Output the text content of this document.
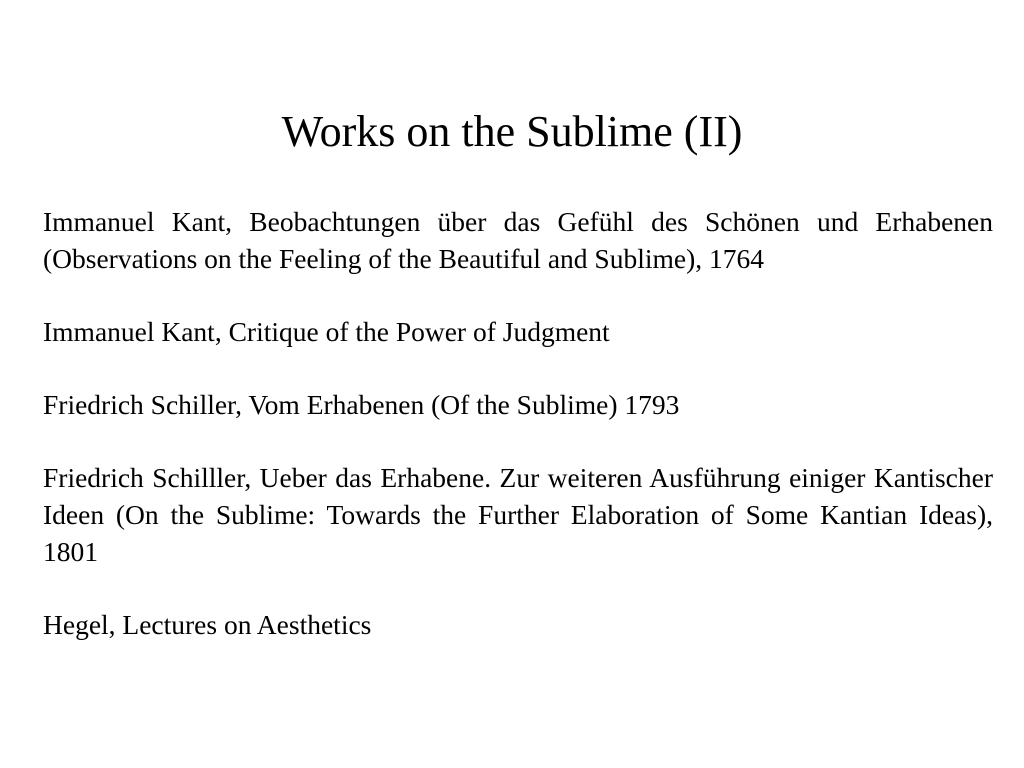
Works on the Sublime (II)

Immanuel Kant, Beobachtungen über das Gefühl des Schönen und Erhabenen (Observations on the Feeling of the Beautiful and Sublime), 1764

Immanuel Kant, Critique of the Power of Judgment

Friedrich Schiller, Vom Erhabenen (Of the Sublime) 1793

Friedrich Schilller, Ueber das Erhabene. Zur weiteren Ausführung einiger Kantischer Ideen (On the Sublime: Towards the Further Elaboration of Some Kantian Ideas), 1801

Hegel, Lectures on Aesthetics
